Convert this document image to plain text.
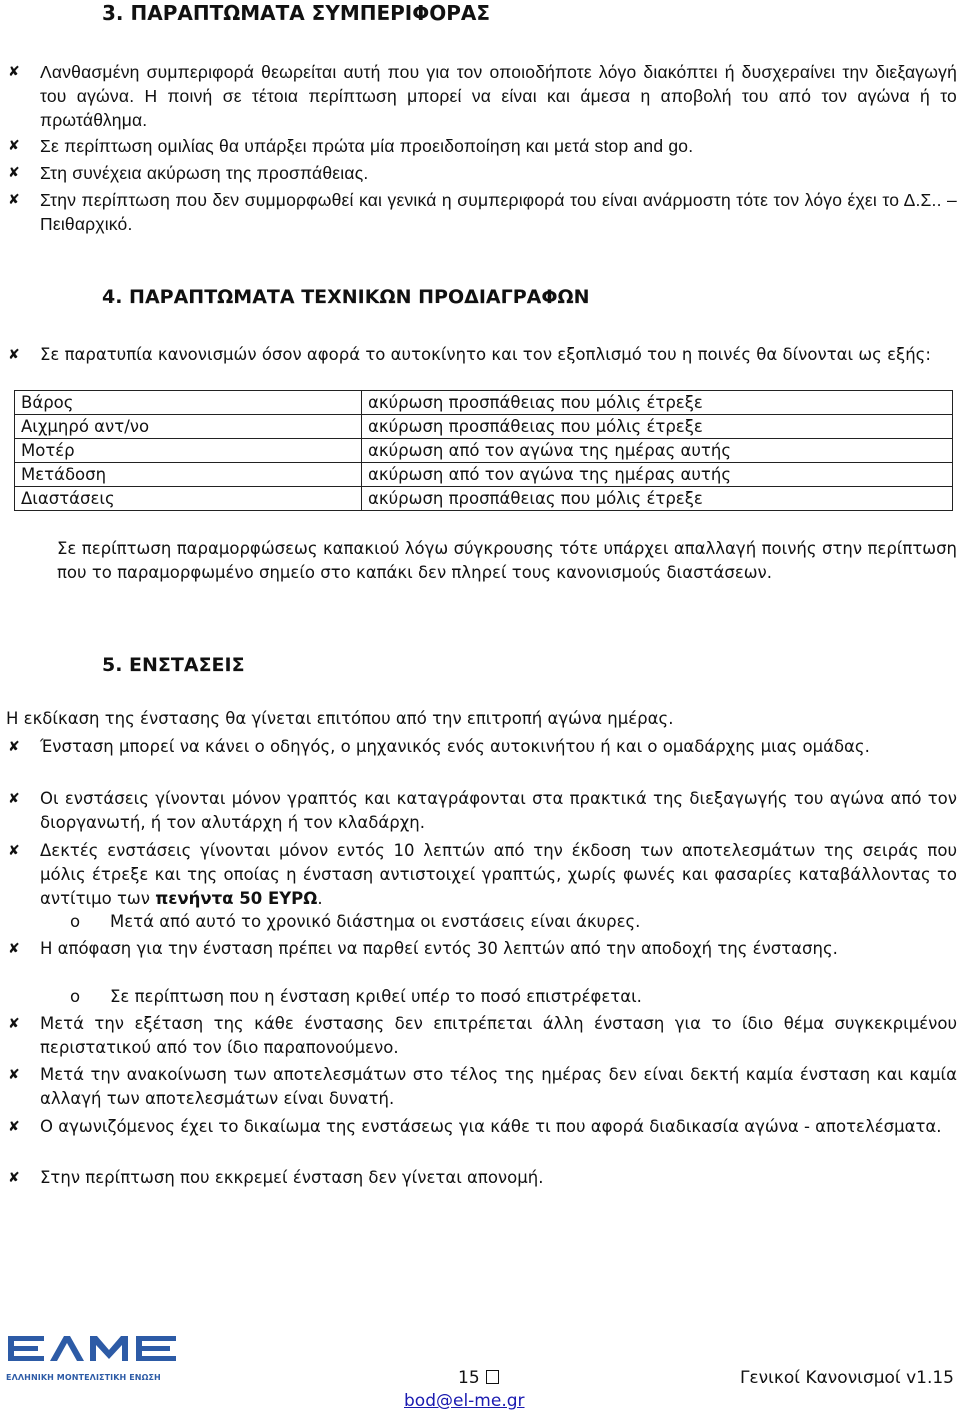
3. ΠΑΡΑΠΤΩΜΑΤΑ ΣΥΜΠΕΡΙΦΟΡΑΣ
✘	Λανθασμένη συμπεριφορά θεωρείται αυτή που για τον οποιοδήποτε λόγο διακόπτει ή δυσχεραίνει την διεξαγωγή του αγώνα. Η ποινή σε τέτοια περίπτωση μπορεί να είναι και άμεσα η αποβολή του από τον αγώνα ή το πρωτάθλημα.
✘	Σε περίπτωση ομιλίας θα υπάρξει πρώτα μία προειδοποίηση και μετά stop and go.
✘	Στη συνέχεια ακύρωση της προσπάθειας.
✘	Στην περίπτωση που δεν συμμορφωθεί και γενικά η συμπεριφορά του είναι ανάρμοστη τότε τον λόγο έχει το Δ.Σ.. – Πειθαρχικό.
4. ΠΑΡΑΠΤΩΜΑΤΑ ΤΕΧΝΙΚΩΝ ΠΡΟΔΙΑΓΡΑΦΩΝ
✘	Σε παρατυπία κανονισμών όσον αφορά το αυτοκίνητο και τον εξοπλισμό του η ποινές θα δίνονται ως εξής:
Βάρος	ακύρωση προσπάθειας που μόλις έτρεξε
Αιχμηρό αντ/νο	ακύρωση προσπάθειας που μόλις έτρεξε
Μοτέρ	ακύρωση από τον αγώνα της ημέρας αυτής
Μετάδοση	ακύρωση από τον αγώνα της ημέρας αυτής
Διαστάσεις	ακύρωση προσπάθειας που μόλις έτρεξε
Σε περίπτωση παραμορφώσεως καπακιού λόγω σύγκρουσης τότε υπάρχει απαλλαγή ποινής στην περίπτωση που το παραμορφωμένο σημείο στο καπάκι δεν πληρεί τους κανονισμούς διαστάσεων.
5. ΕΝΣΤΑΣΕΙΣ
Η εκδίκαση της ένστασης θα γίνεται επιτόπου από την επιτροπή αγώνα ημέρας.
✘	Ένσταση μπορεί να κάνει ο οδηγός, ο μηχανικός ενός αυτοκινήτου ή και ο ομαδάρχης μιας ομάδας.
✘	Οι ενστάσεις γίνονται μόνον γραπτός και καταγράφονται στα πρακτικά της διεξαγωγής του αγώνα από τον διοργανωτή, ή τον αλυτάρχη ή τον κλαδάρχη.
✘	Δεκτές ενστάσεις γίνονται μόνον εντός 10 λεπτών από την έκδοση των αποτελεσμάτων της σειράς που μόλις έτρεξε και της οποίας η ένσταση αντιστοιχεί γραπτώς, χωρίς φωνές και φασαρίες καταβάλλοντας το αντίτιμο των πενήντα 50 ΕΥΡΩ.
o Μετά από αυτό το χρονικό διάστημα οι ενστάσεις είναι άκυρες.
✘	Η απόφαση για την ένσταση πρέπει να παρθεί εντός 30 λεπτών από την αποδοχή της ένστασης.
o Σε περίπτωση που η ένσταση κριθεί υπέρ το ποσό επιστρέφεται.
✘	Μετά την εξέταση της κάθε ένστασης δεν επιτρέπεται άλλη ένσταση για το ίδιο θέμα συγκεκριμένου περιστατικού από τον ίδιο παραπονούμενο.
✘	Μετά την ανακοίνωση των αποτελεσμάτων στο τέλος της ημέρας δεν είναι δεκτή καμία ένσταση και καμία αλλαγή των αποτελεσμάτων είναι δυνατή.
✘	Ο αγωνιζόμενος έχει το δικαίωμα της ενστάσεως για κάθε τι που αφορά διαδικασία αγώνα - αποτελέσματα.
✘	Στην περίπτωση που εκκρεμεί ένσταση δεν γίνεται απονομή.
ΕΛΛΗΝΙΚΗ ΜΟΝΤΕΛΙΣΤΙΚΗ ΕΝΩΣΗ	15	Γενικοί Κανονισμοί v1.15
bod@el-me.gr
